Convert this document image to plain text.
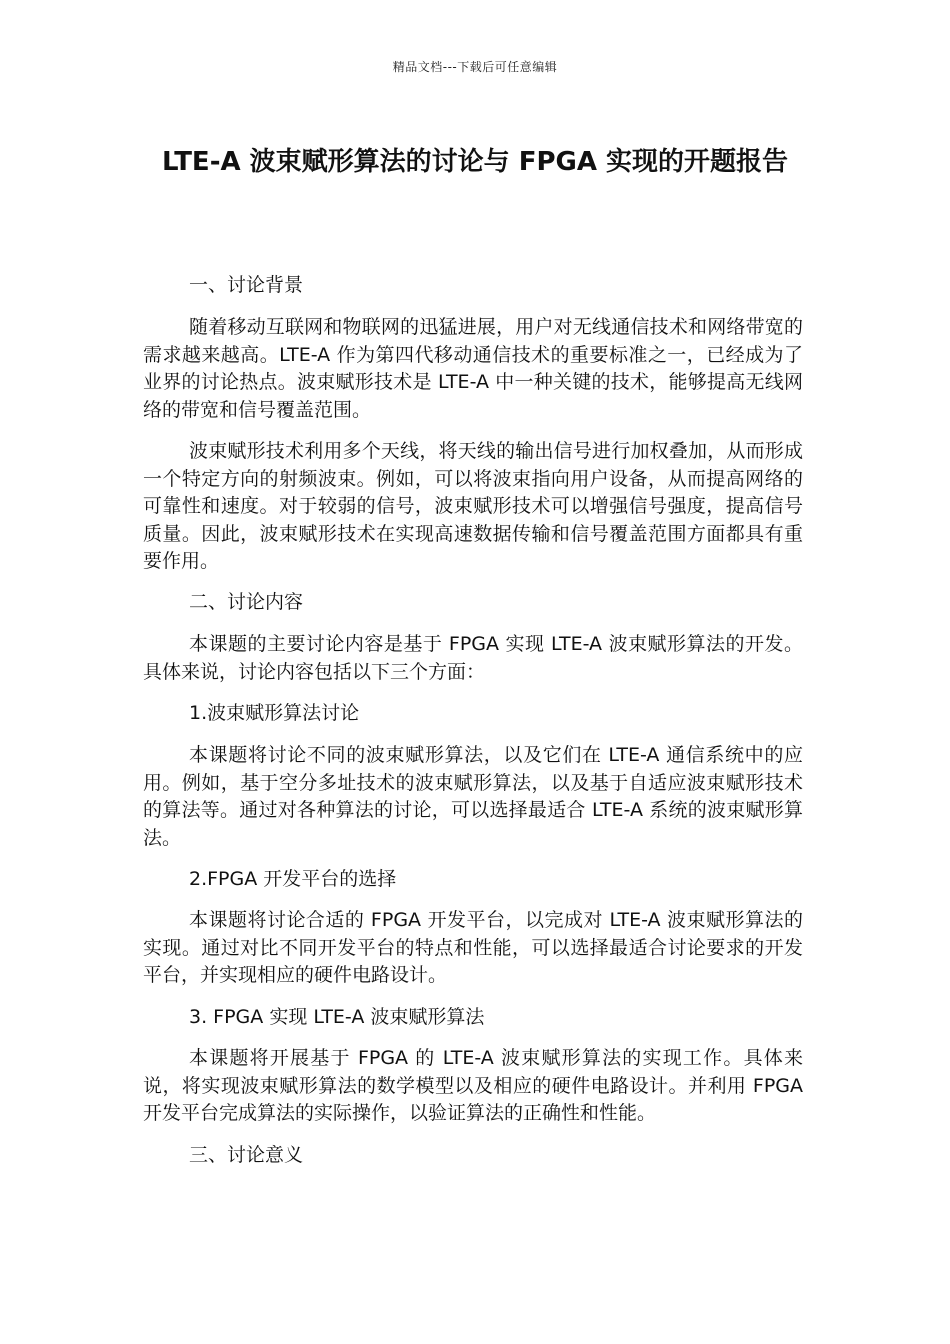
精品文档---下载后可任意编辑
LTE-A 波束赋形算法的讨论与 FPGA 实现的开题报告
一、讨论背景
随着移动互联网和物联网的迅猛进展，用户对无线通信技术和网络带宽的需求越来越高。LTE-A 作为第四代移动通信技术的重要标准之一，已经成为了业界的讨论热点。波束赋形技术是 LTE-A 中一种关键的技术，能够提高无线网络的带宽和信号覆盖范围。
波束赋形技术利用多个天线，将天线的输出信号进行加权叠加，从而形成一个特定方向的射频波束。例如，可以将波束指向用户设备，从而提高网络的可靠性和速度。对于较弱的信号，波束赋形技术可以增强信号强度，提高信号质量。因此，波束赋形技术在实现高速数据传输和信号覆盖范围方面都具有重要作用。
二、讨论内容
本课题的主要讨论内容是基于 FPGA 实现 LTE-A 波束赋形算法的开发。具体来说，讨论内容包括以下三个方面：
1.波束赋形算法讨论
本课题将讨论不同的波束赋形算法，以及它们在 LTE-A 通信系统中的应用。例如，基于空分多址技术的波束赋形算法，以及基于自适应波束赋形技术的算法等。通过对各种算法的讨论，可以选择最适合 LTE-A 系统的波束赋形算法。
2.FPGA 开发平台的选择
本课题将讨论合适的 FPGA 开发平台，以完成对 LTE-A 波束赋形算法的实现。通过对比不同开发平台的特点和性能，可以选择最适合讨论要求的开发平台，并实现相应的硬件电路设计。
3. FPGA 实现 LTE-A 波束赋形算法
本课题将开展基于 FPGA 的 LTE-A 波束赋形算法的实现工作。具体来说，将实现波束赋形算法的数学模型以及相应的硬件电路设计。并利用 FPGA 开发平台完成算法的实际操作，以验证算法的正确性和性能。
三、讨论意义
